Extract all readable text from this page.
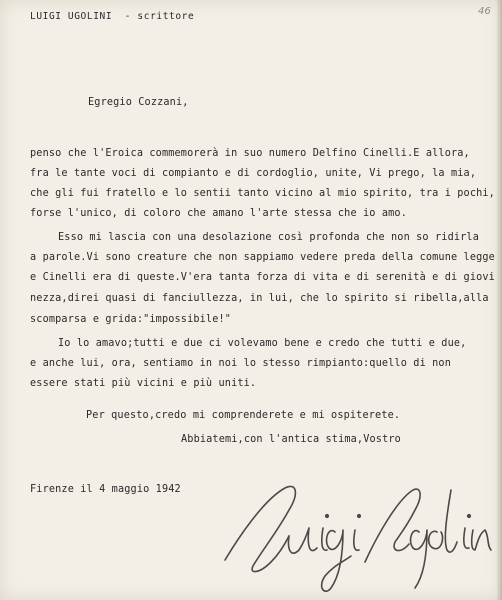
LUIGI UGOLINI - scrittore	46
Egregio Cozzani,
penso che l'Eroica commemorerà in suo numero Delfino Cinelli.E allora,
fra le tante voci di compianto e di cordoglio, unite, Vi prego, la mia,
che gli fui fratello e lo sentii tanto vicino al mio spirito, tra i pochi,
forse l'unico, di coloro che amano l'arte stessa che io amo.
Esso mi lascia con una desolazione così profonda che non so ridirla
a parole.Vi sono creature che non sappiamo vedere preda della comune legge
e Cinelli era di queste.V'era tanta forza di vita e di serenità e di giovi
nezza,direi quasi di fanciullezza, in lui, che lo spirito si ribella,alla
scomparsa e grida:"impossibile!"
Io lo amavo;tutti e due ci volevamo bene e credo che tutti e due,
e anche lui, ora, sentiamo in noi lo stesso rimpianto:quello di non
essere stati più vicini e più uniti.
Per questo,credo mi comprenderete e mi ospiterete.
Abbiatemi,con l'antica stima,Vostro
Firenze il 4 maggio 1942
